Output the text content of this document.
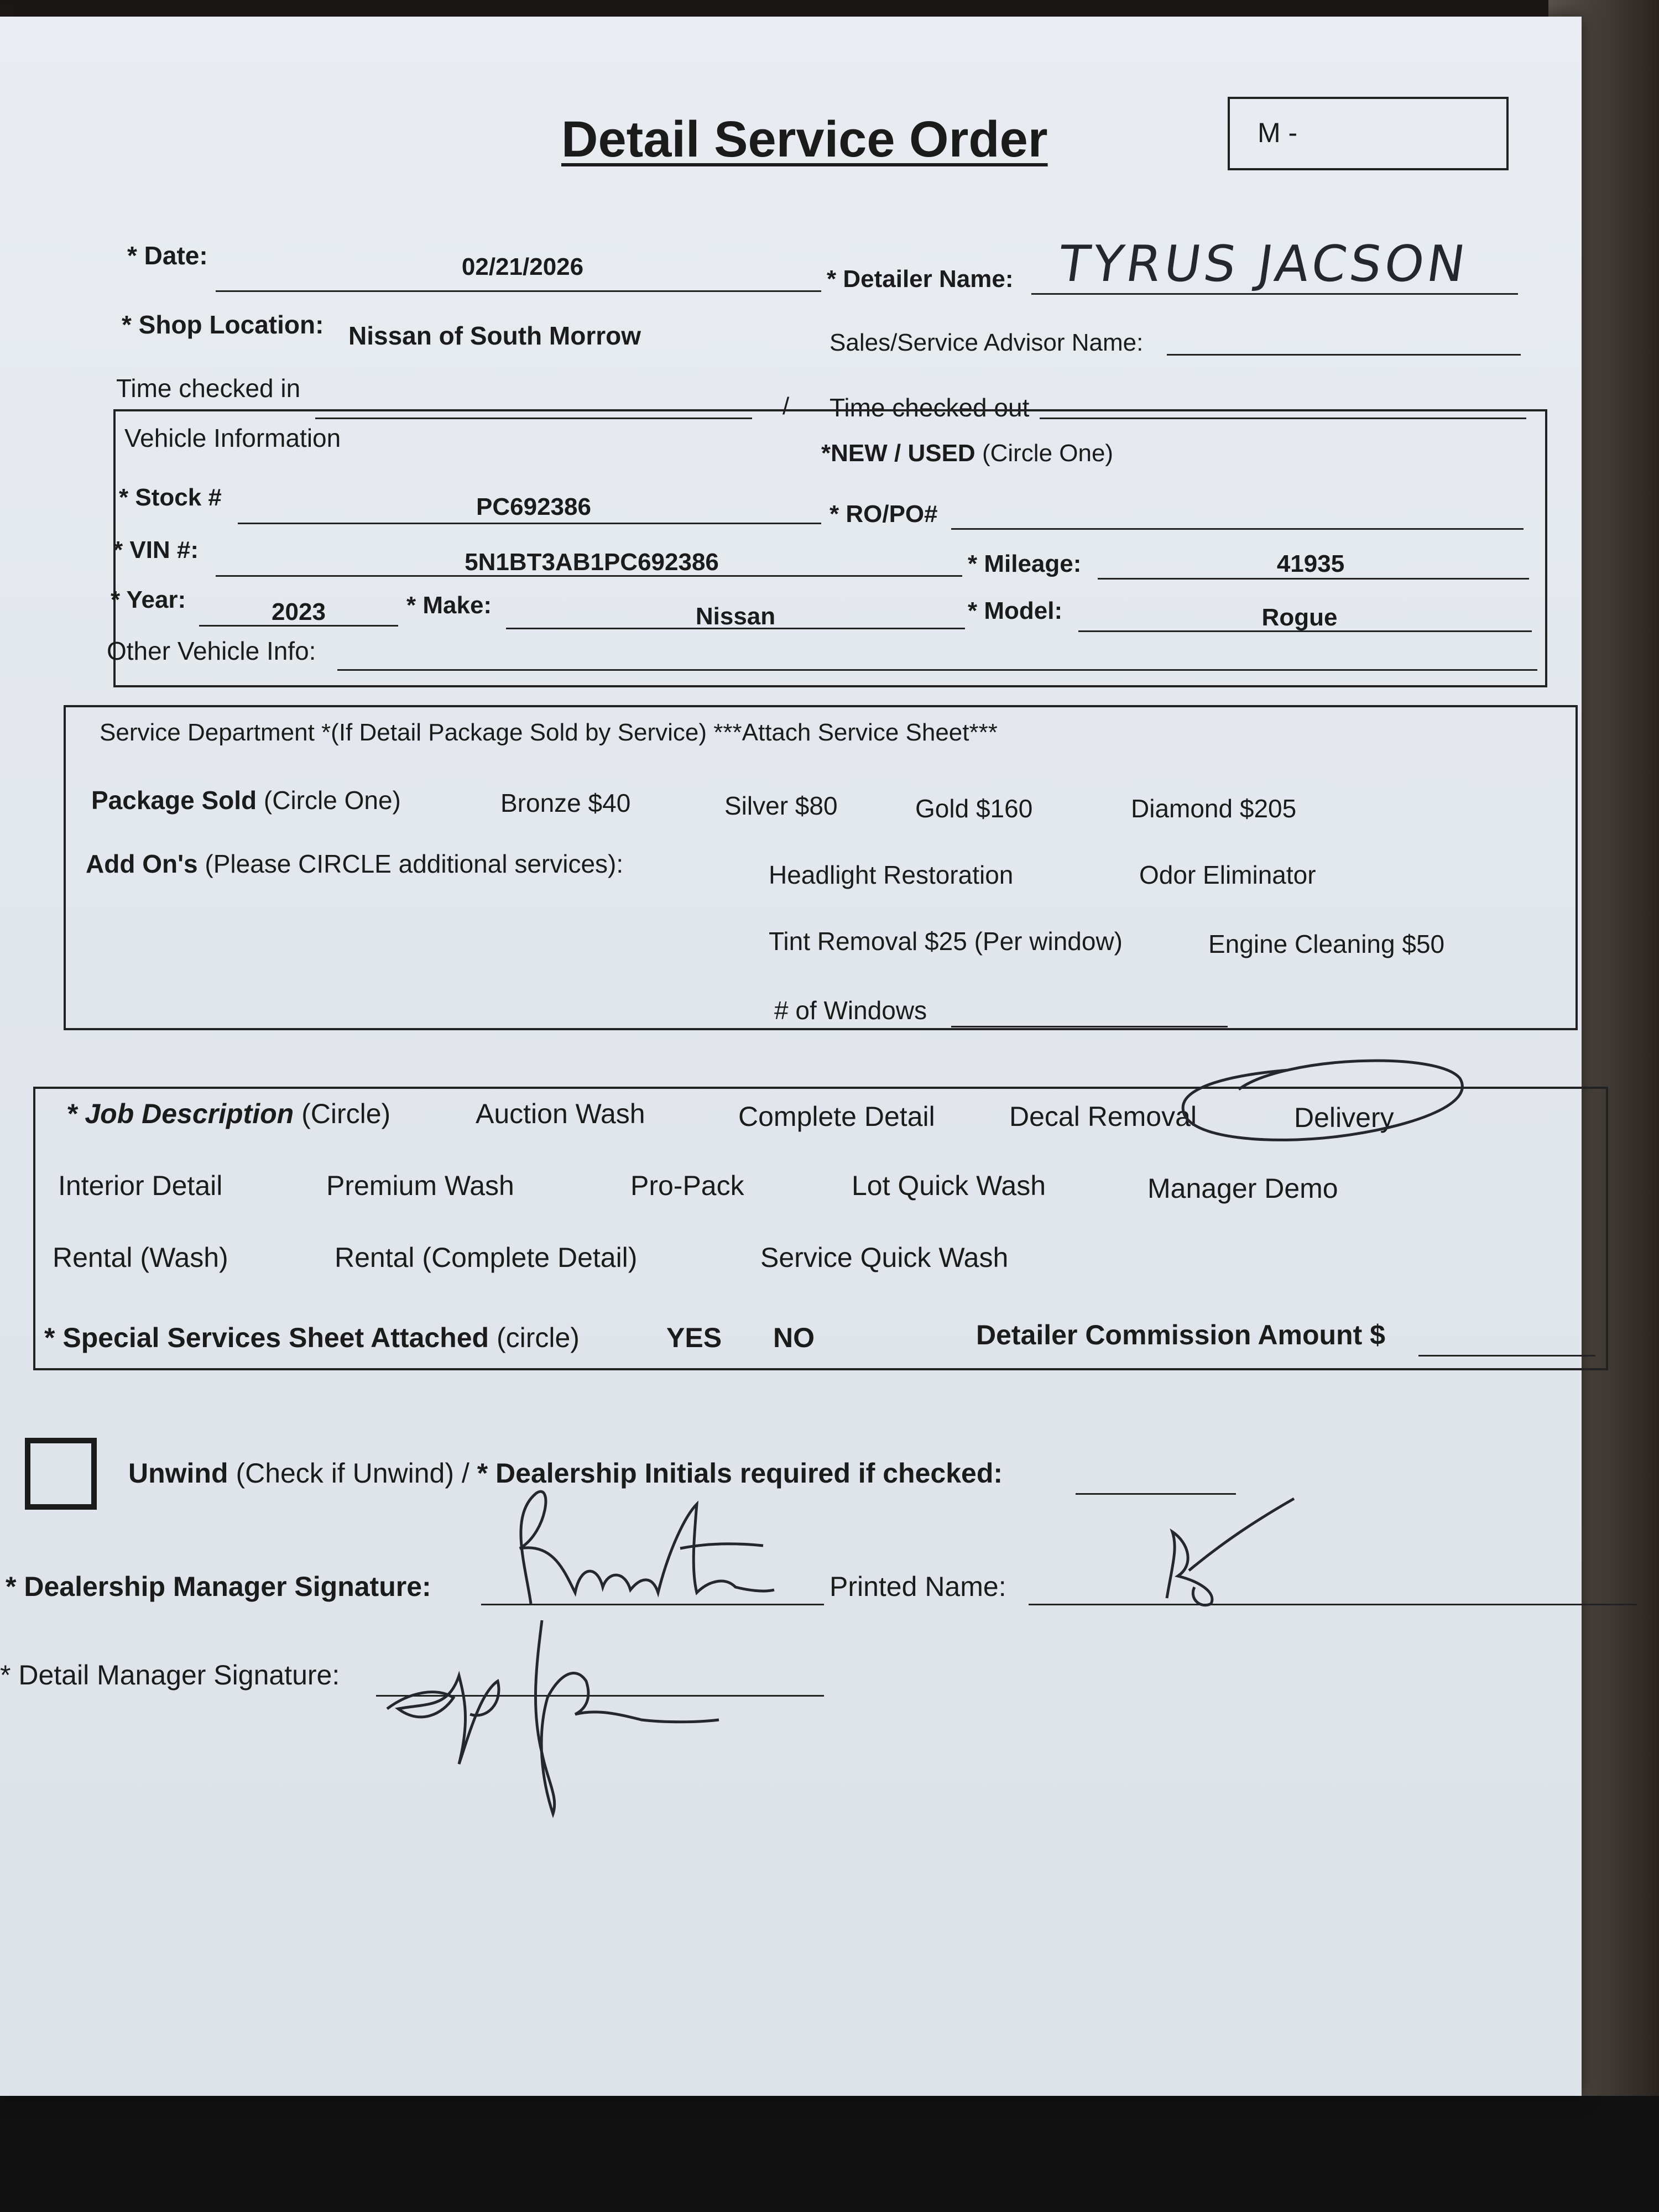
Detail Service Order	M -
* Date:	02/21/2026	* Detailer Name: TYRUS JACSON
* Shop Location: Nissan of South Morrow	Sales/Service Advisor Name:
Time checked in
/ Time checked out
Vehicle Information
*NEW / USED (Circle One)
* Stock #	PC692386	* RO/PO#
* VIN #:	5N1BT3AB1PC692386	* Mileage:	41935
* Year:	2023	* Make:	Nissan	* Model:	Rogue
Other Vehicle Info:
Service Department *(If Detail Package Sold by Service) ***Attach Service Sheet***
Package Sold (Circle One)	Bronze $40	Silver $80	Gold $160	Diamond $205
Add On's (Please CIRCLE additional services):	Headlight Restoration	Odor Eliminator
Tint Removal $25 (Per window)	Engine Cleaning $50
# of Windows
* Job Description (Circle)	Auction Wash	Complete Detail	Decal Removal	Delivery
Interior Detail	Premium Wash	Pro-Pack	Lot Quick Wash	Manager Demo
Rental (Wash)	Rental (Complete Detail)	Service Quick Wash
* Special Services Sheet Attached (circle)	YES NO	Detailer Commission Amount $
Unwind (Check if Unwind) / * Dealership Initials required if checked:
* Dealership Manager Signature:	Printed Name:
* Detail Manager Signature:
